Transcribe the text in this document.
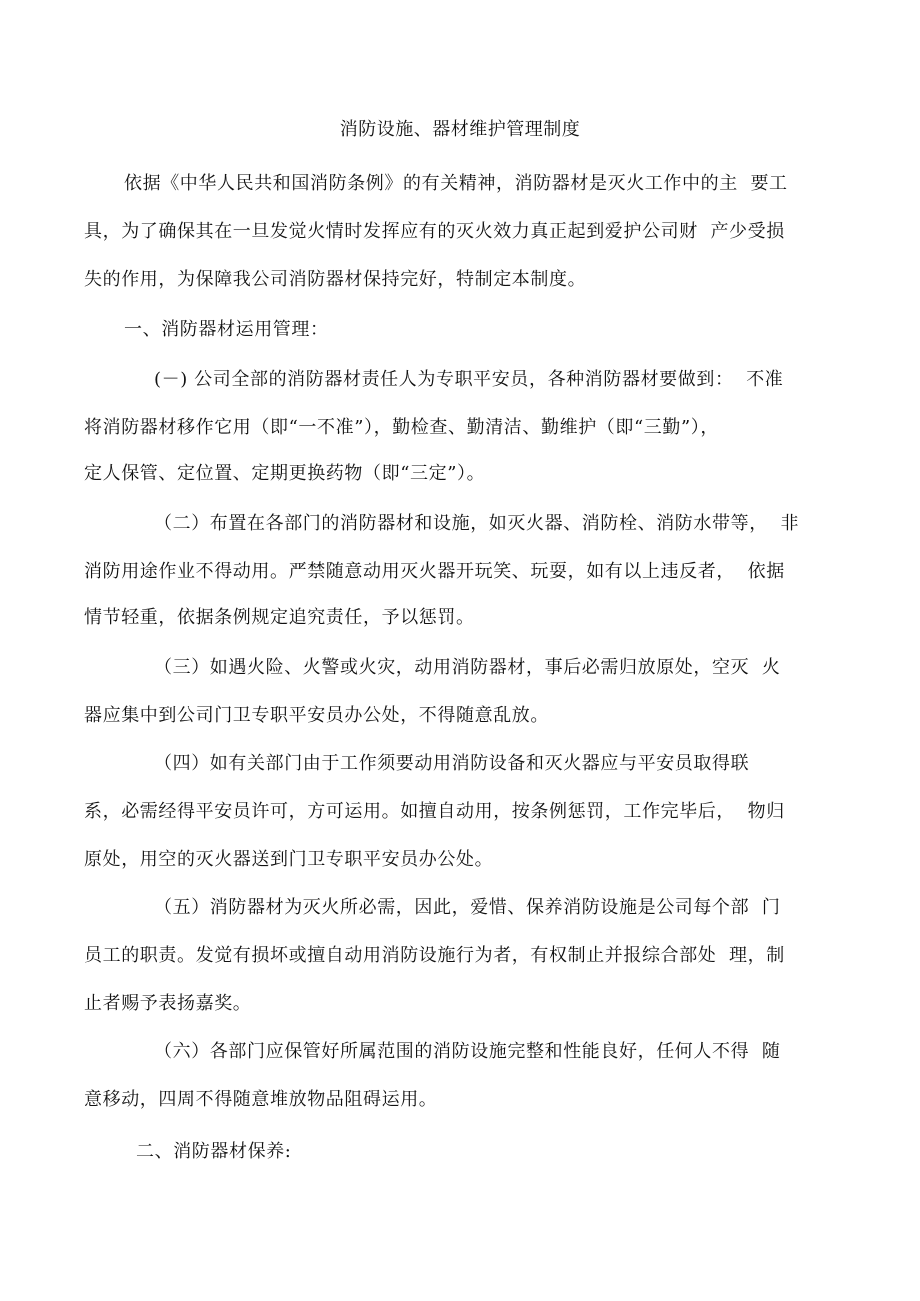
消防设施、器材维护管理制度
依据《中华人民共和国消防条例》的有关精神，消防器材是灭火工作中的主  要工
具，为了确保其在一旦发觉火情时发挥应有的灭火效力真正起到爱护公司财  产少受损
失的作用，为保障我公司消防器材保持完好，特制定本制度。
一、消防器材运用管理：
(－) 公司全部的消防器材责任人为专职平安员，各种消防器材要做到：  不准
将消防器材移作它用（即“一不准”），勤检查、勤清洁、勤维护（即“三勤”），
定人保管、定位置、定期更换药物（即“三定”）。
（二）布置在各部门的消防器材和设施，如灭火器、消防栓、消防水带等，  非
消防用途作业不得动用。严禁随意动用灭火器开玩笑、玩耍，如有以上违反者，  依据
情节轻重，依据条例规定追究责任，予以惩罚。
（三）如遇火险、火警或火灾，动用消防器材，事后必需归放原处，空灭  火
器应集中到公司门卫专职平安员办公处，不得随意乱放。
（四）如有关部门由于工作须要动用消防设备和灭火器应与平安员取得联
系，必需经得平安员许可，方可运用。如擅自动用，按条例惩罚，工作完毕后，  物归
原处，用空的灭火器送到门卫专职平安员办公处。
（五）消防器材为灭火所必需，因此，爱惜、保养消防设施是公司每个部  门
员工的职责。发觉有损坏或擅自动用消防设施行为者，有权制止并报综合部处  理，制
止者赐予表扬嘉奖。
（六）各部门应保管好所属范围的消防设施完整和性能良好，任何人不得  随
意移动，四周不得随意堆放物品阻碍运用。
二、消防器材保养:
